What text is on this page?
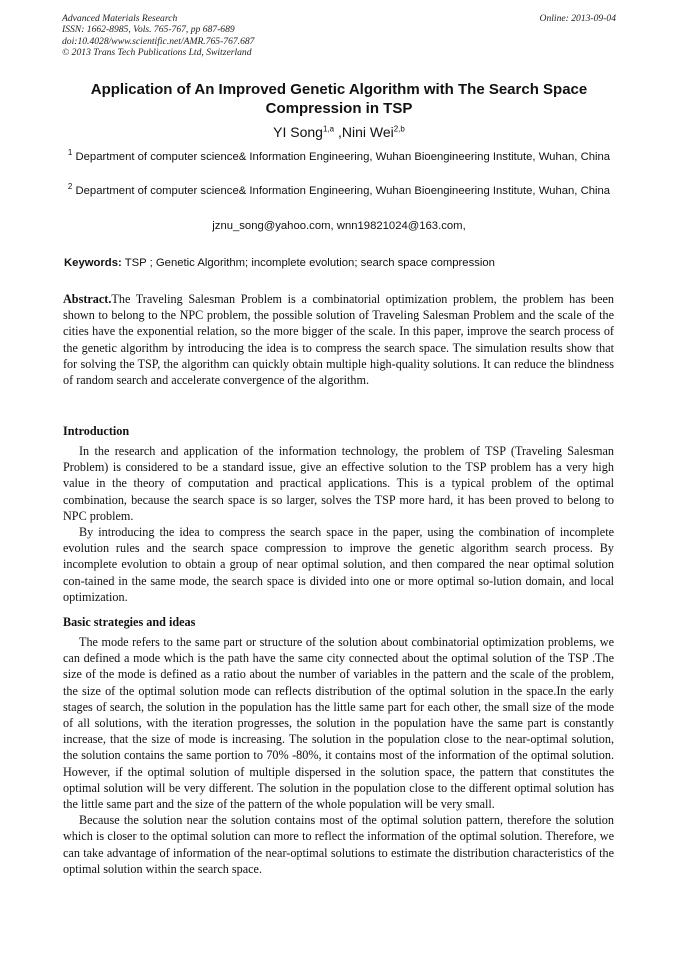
Advanced Materials Research
ISSN: 1662-8985, Vols. 765-767, pp 687-689
doi:10.4028/www.scientific.net/AMR.765-767.687
© 2013 Trans Tech Publications Ltd, Switzerland
Online: 2013-09-04
Application of An Improved Genetic Algorithm with The Search Space Compression in TSP
YI Song$^{1,a}$ ,Nini Wei$^{2,b}$
$^1$ Department of computer science& Information Engineering, Wuhan Bioengineering Institute, Wuhan, China
$^2$ Department of computer science& Information Engineering, Wuhan Bioengineering Institute, Wuhan, China
jznu_song@yahoo.com, wnn19821024@163.com,
Keywords: TSP ; Genetic Algorithm; incomplete evolution; search space compression
Abstract.The Traveling Salesman Problem is a combinatorial optimization problem, the problem has been shown to belong to the NPC problem, the possible solution of Traveling Salesman Problem and the scale of the cities have the exponential relation, so the more bigger of the scale. In this paper, improve the search process of the genetic algorithm by introducing the idea is to compress the search space. The simulation results show that for solving the TSP, the algorithm can quickly obtain multiple high-quality solutions. It can reduce the blindness of random search and accelerate convergence of the algorithm.
Introduction

In the research and application of the information technology, the problem of TSP (Traveling Salesman Problem) is considered to be a standard issue, give an effective solution to the TSP problem has a very high value in the theory of computation and practical applications. This is a typical problem of the optimal combination, because the search space is so larger, solves the TSP more hard, it has been proved to belong to NPC problem.

By introducing the idea to compress the search space in the paper, using the combination of incomplete evolution rules and the search space compression to improve the genetic algorithm search process. By incomplete evolution to obtain a group of near optimal solution, and then compared the near optimal solution con-tained in the same mode, the search space is divided into one or more optimal so-lution domain, and local optimization.

Basic strategies and ideas

The mode refers to the same part or structure of the solution about combinatorial optimization problems, we can defined a mode which is the path have the same city connected about the optimal solution of the TSP .The size of the mode is defined as a ratio about the number of variables in the pattern and the scale of the problem, the size of the optimal solution mode can reflects distribution of the optimal solution in the space.In the early stages of search, the solution in the population has the little same part for each other, the small size of the mode of all solutions, with the iteration progresses, the solution in the population have the same part is constantly increase, that the size of mode is increasing. The solution in the population close to the near-optimal solution, the solution contains the same portion to 70% -80%, it contains most of the information of the optimal solution. However, if the optimal solution of multiple dispersed in the solution space, the pattern that constitutes the optimal solution will be very different. The solution in the population close to the different optimal solution has the little same part and the size of the pattern of the whole population will be very small.

Because the solution near the solution contains most of the optimal solution pattern, therefore the solution which is closer to the optimal solution can more to reflect the information of the optimal solution. Therefore, we can take advantage of information of the near-optimal solutions to estimate the distribution characteristics of the optimal solution within the search space.
